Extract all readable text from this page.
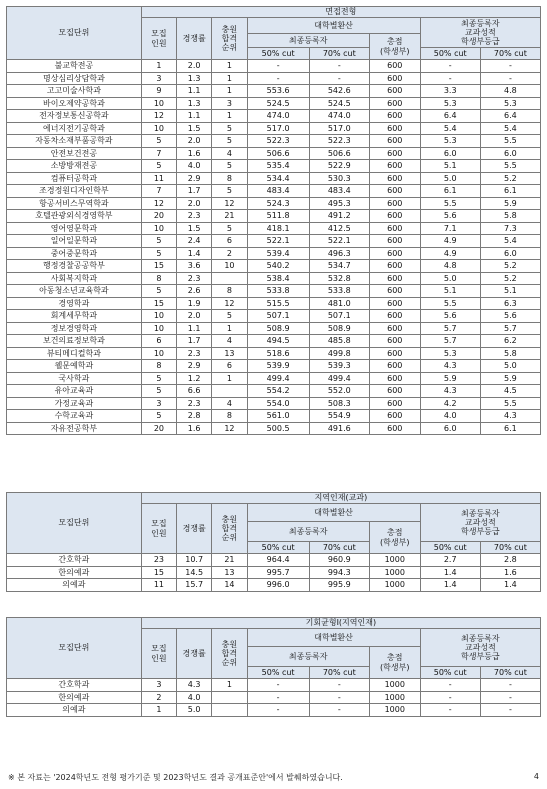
모집단위	면접전형							
	모집
인원	경쟁률	충원
합격
순위	대학별환산			최종등록자
교과성적
학생부등급	
				최종등록자		총점
(학생부)		
				50% cut	70% cut		50% cut	70% cut
불교학전공	1	2.0	1	-	-	600	-	-
명상심리상담학과	3	1.3	1	-	-	600	-	-
고고미술사학과	9	1.1	1	553.6	542.6	600	3.3	4.8
바이오제약공학과	10	1.3	3	524.5	524.5	600	5.3	5.3
전자정보통신공학과	12	1.1	1	474.0	474.0	600	6.4	6.4
에너지전기공학과	10	1.5	5	517.0	517.0	600	5.4	5.4
자동차소재부품공학과	5	2.0	5	522.3	522.3	600	5.3	5.5
안전보건전공	7	1.6	4	506.6	506.6	600	6.0	6.0
소방방재전공	5	4.0	5	535.4	522.9	600	5.1	5.5
컴퓨터공학과	11	2.9	8	534.4	530.3	600	5.0	5.2
조경정원디자인학부	7	1.7	5	483.4	483.4	600	6.1	6.1
항공서비스무역학과	12	2.0	12	524.3	495.3	600	5.5	5.9
호텔관광외식경영학부	20	2.3	21	511.8	491.2	600	5.6	5.8
영어영문학과	10	1.5	5	418.1	412.5	600	7.1	7.3
일어일문학과	5	2.4	6	522.1	522.1	600	4.9	5.4
중어중문학과	5	1.4	2	539.4	496.3	600	4.9	6.0
행정경찰공공학부	15	3.6	10	540.2	534.7	600	4.8	5.2
사회복지학과	8	2.3		538.4	532.8	600	5.0	5.2
아동청소년교육학과	5	2.6	8	533.8	533.8	600	5.1	5.1
경영학과	15	1.9	12	515.5	481.0	600	5.5	6.3
회계세무학과	10	2.0	5	507.1	507.1	600	5.6	5.6
정보경영학과	10	1.1	1	508.9	508.9	600	5.7	5.7
보건의료정보학과	6	1.7	4	494.5	485.8	600	5.7	6.2
뷰티메디컬학과	10	2.3	13	518.6	499.8	600	5.3	5.8
웰문예학과	8	2.9	6	539.9	539.3	600	4.3	5.0
국사학과	5	1.2	1	499.4	499.4	600	5.9	5.9
유아교육과	5	6.6		554.2	552.0	600	4.3	4.5
가정교육과	3	2.3	4	554.0	508.3	600	4.2	5.5
수학교육과	5	2.8	8	561.0	554.9	600	4.0	4.3
자유전공학부	20	1.6	12	500.5	491.6	600	6.0	6.1
모집단위	지역인재(교과)							
	모집
인원	경쟁률	충원
합격
순위	대학별환산			최종등록자
교과성적
학생부등급	
				최종등록자		총점
(학생부)		
				50% cut	70% cut		50% cut	70% cut
간호학과	23	10.7	21	964.4	960.9	1000	2.7	2.8
한의예과	15	14.5	13	995.7	994.3	1000	1.4	1.6
의예과	11	15.7	14	996.0	995.9	1000	1.4	1.4
모집단위	기회균형Ⅰ(지역인재)							
	모집
인원	경쟁률	충원
합격
순위	대학별환산			최종등록자
교과성적
학생부등급	
				최종등록자		총점
(학생부)		
				50% cut	70% cut		50% cut	70% cut
간호학과	3	4.3	1	-	-	1000	-	-
한의예과	2	4.0		-	-	1000	-	-
의예과	1	5.0		-	-	1000	-	-
※ 본 자료는 '2024학년도 전형 평가기준 및 2023학년도 결과 공개표준안'에서 발췌하였습니다.	4
